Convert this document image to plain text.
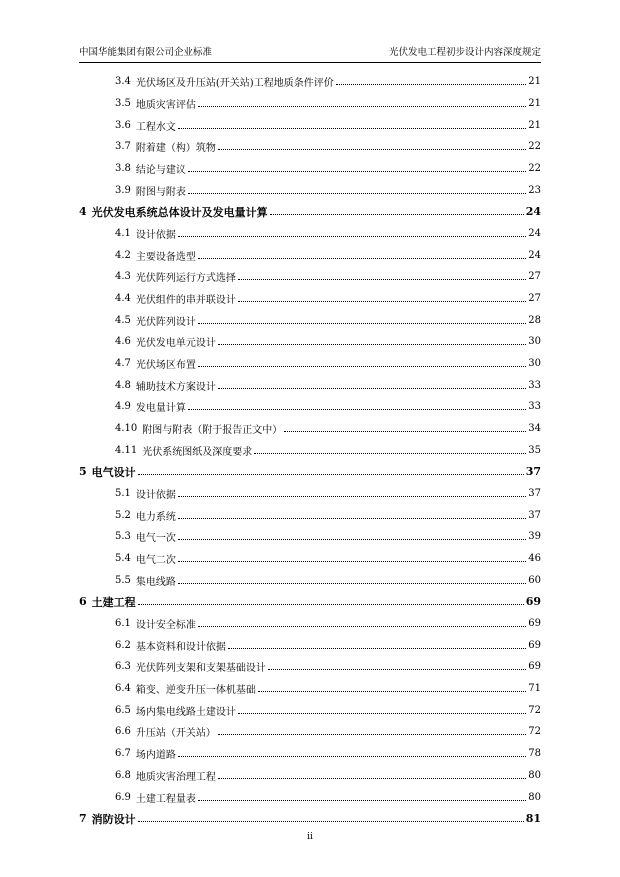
中国华能集团有限公司企业标准	光伏发电工程初步设计内容深度规定
3.4 光伏场区及升压站(开关站)工程地质条件评价	21
3.5 地质灾害评估	21
3.6 工程水文	21
3.7 附着建（构）筑物	22
3.8 结论与建议	22
3.9 附图与附表	23
4 光伏发电系统总体设计及发电量计算	24
4.1 设计依据	24
4.2 主要设备选型	24
4.3 光伏阵列运行方式选择	27
4.4 光伏组件的串并联设计	27
4.5 光伏阵列设计	28
4.6 光伏发电单元设计	30
4.7 光伏场区布置	30
4.8 辅助技术方案设计	33
4.9 发电量计算	33
4.10 附图与附表（附于报告正文中）	34
4.11 光伏系统图纸及深度要求	35
5 电气设计	37
5.1 设计依据	37
5.2 电力系统	37
5.3 电气一次	39
5.4 电气二次	46
5.5 集电线路	60
6 土建工程	69
6.1 设计安全标准	69
6.2 基本资料和设计依据	69
6.3 光伏阵列支架和支架基础设计	69
6.4 箱变、逆变升压一体机基础	71
6.5 场内集电线路土建设计	72
6.6 升压站（开关站）	72
6.7 场内道路	78
6.8 地质灾害治理工程	80
6.9 土建工程量表	80
7 消防设计	81
ii
